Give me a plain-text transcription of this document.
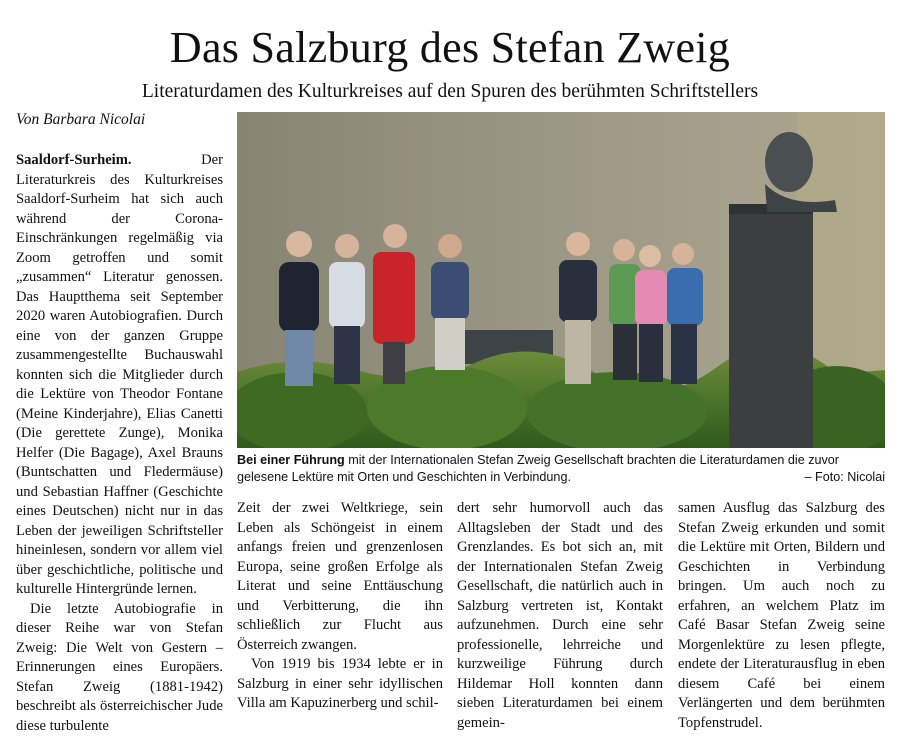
Das Salzburg des Stefan Zweig
Literaturdamen des Kulturkreises auf den Spuren des berühmten Schriftstellers
Von Barbara Nicolai

Saaldorf-Surheim. Der Literaturkreis des Kulturkreises Saaldorf-Surheim hat sich auch während der Corona-Einschränkungen regelmäßig via Zoom getroffen und somit „zusammen“ Literatur genossen. Das Hauptthema seit September 2020 waren Autobiografien. Durch eine von der ganzen Gruppe zusammengestellte Buchauswahl konnten sich die Mitglieder durch die Lektüre von Theodor Fontane (Meine Kinderjahre), Elias Canetti (Die gerettete Zunge), Monika Helfer (Die Bagage), Axel Brauns (Buntschatten und Fledermäuse) und Sebastian Haffner (Geschichte eines Deutschen) nicht nur in das Leben der jeweiligen Schriftsteller hineinlesen, sondern vor allem viel über geschichtliche, politische und kulturelle Hintergründe lernen.

Die letzte Autobiografie in dieser Reihe war von Stefan Zweig: Die Welt von Gestern – Erinnerungen eines Europäers. Stefan Zweig (1881-1942) beschreibt als österreichischer Jude diese turbulente

Bei einer Führung mit der Internationalen Stefan Zweig Gesellschaft brachten die Literaturdamen die zuvor gelesene Lektüre mit Orten und Geschichten in Verbindung.	– Foto: Nicolai

Zeit der zwei Weltkriege, sein Leben als Schöngeist in einem anfangs freien und grenzenlosen Europa, seine großen Erfolge als Literat und seine Enttäuschung und Verbitterung, die ihn schließlich zur Flucht aus Österreich zwangen.

Von 1919 bis 1934 lebte er in Salzburg in einer sehr idyllischen Villa am Kapuzinerberg und schil-

dert sehr humorvoll auch das Alltagsleben der Stadt und des Grenzlandes. Es bot sich an, mit der Internationalen Stefan Zweig Gesellschaft, die natürlich auch in Salzburg vertreten ist, Kontakt aufzunehmen. Durch eine sehr professionelle, lehrreiche und kurzweilige Führung durch Hildemar Holl konnten dann sieben Literaturdamen bei einem gemein-

samen Ausflug das Salzburg des Stefan Zweig erkunden und somit die Lektüre mit Orten, Bildern und Geschichten in Verbindung bringen. Um auch noch zu erfahren, an welchem Platz im Café Basar Stefan Zweig seine Morgenlektüre zu lesen pflegte, endete der Literaturausflug in eben diesem Café bei einem Verlängerten und dem berühmten Topfenstrudel.
